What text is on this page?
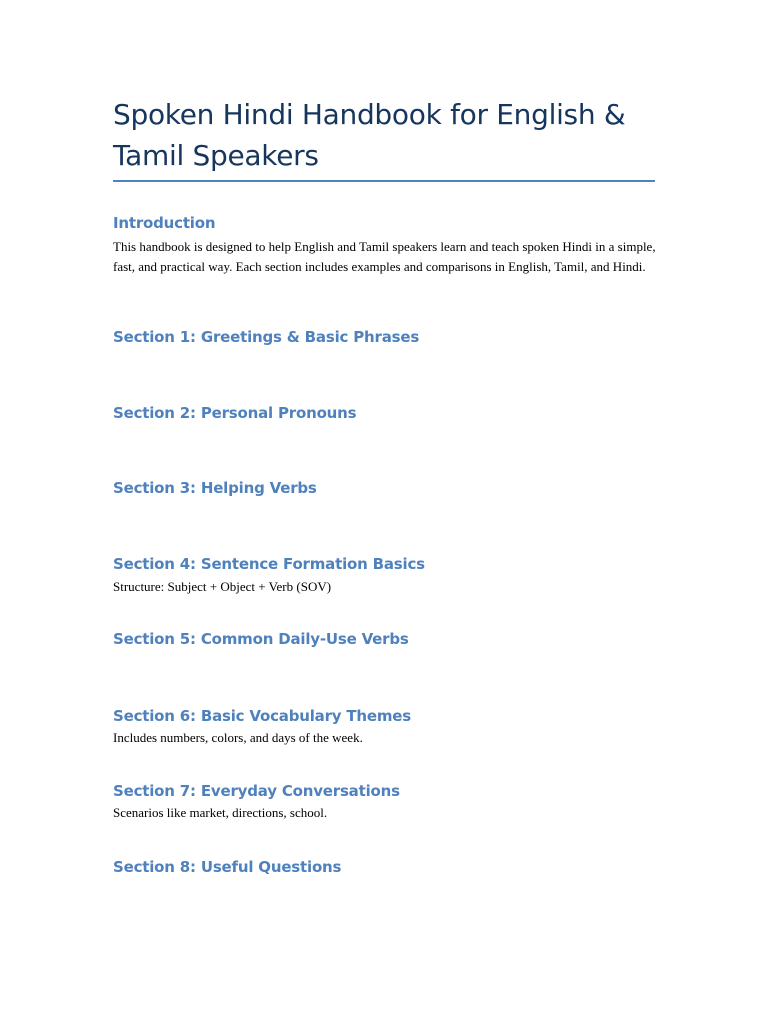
Spoken Hindi Handbook for English & Tamil Speakers
Introduction

This handbook is designed to help English and Tamil speakers learn and teach spoken Hindi in a simple, fast, and practical way. Each section includes examples and comparisons in English, Tamil, and Hindi.

Section 1: Greetings & Basic Phrases
Section 2: Personal Pronouns
Section 3: Helping Verbs
Section 4: Sentence Formation Basics

Structure: Subject + Object + Verb (SOV)

Section 5: Common Daily-Use Verbs
Section 6: Basic Vocabulary Themes

Includes numbers, colors, and days of the week.

Section 7: Everyday Conversations

Scenarios like market, directions, school.

Section 8: Useful Questions
